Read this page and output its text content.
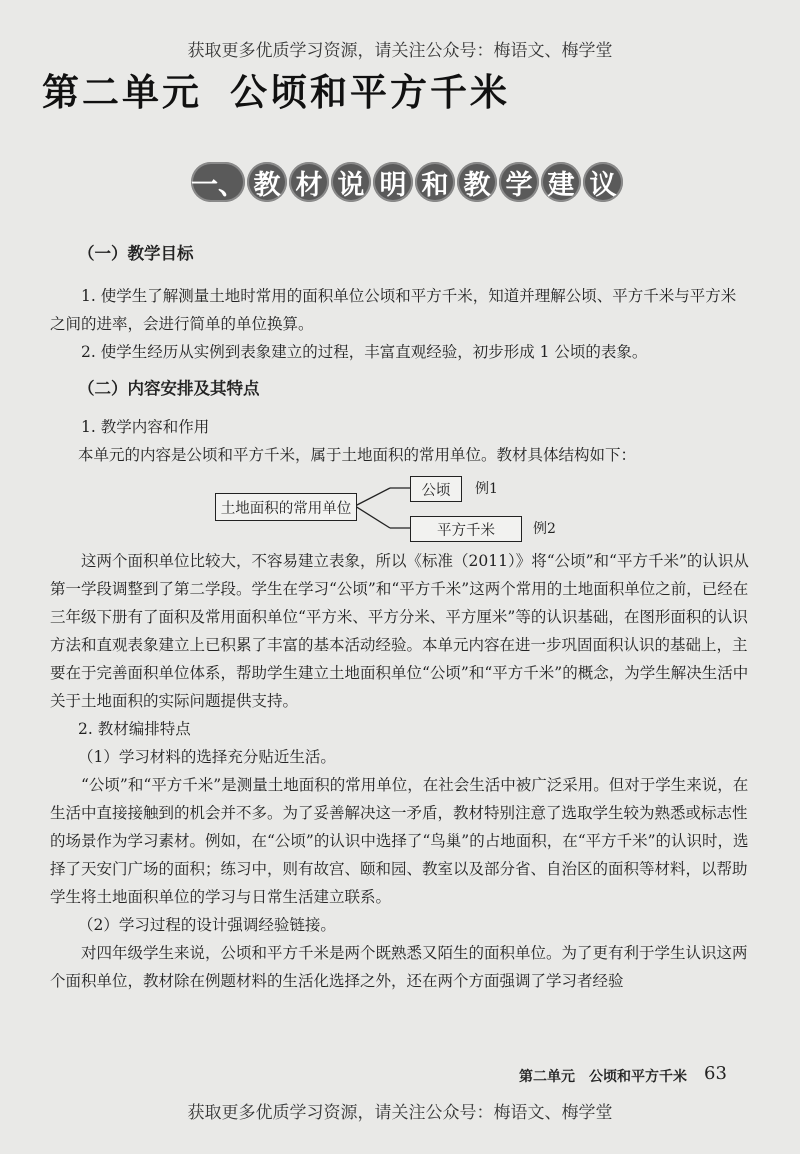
获取更多优质学习资源，请关注公众号：梅语文、梅学堂
第二单元 公顷和平方千米
一、 教 材 说 明 和 教 学 建 议
（一）教学目标

1. 使学生了解测量土地时常用的面积单位公顷和平方千米，知道并理解公顷、平方千米与平方米之间的进率，会进行简单的单位换算。

2. 使学生经历从实例到表象建立的过程，丰富直观经验，初步形成 1 公顷的表象。

（二）内容安排及其特点

1. 教学内容和作用

本单元的内容是公顷和平方千米，属于土地面积的常用单位。教材具体结构如下：

土地面积的常用单位
公顷	例1
平方千米	例2

这两个面积单位比较大，不容易建立表象，所以《标准（2011）》将“公顷”和“平方千米”的认识从第一学段调整到了第二学段。学生在学习“公顷”和“平方千米”这两个常用的土地面积单位之前，已经在三年级下册有了面积及常用面积单位“平方米、平方分米、平方厘米”等的认识基础，在图形面积的认识方法和直观表象建立上已积累了丰富的基本活动经验。本单元内容在进一步巩固面积认识的基础上，主要在于完善面积单位体系，帮助学生建立土地面积单位“公顷”和“平方千米”的概念，为学生解决生活中关于土地面积的实际问题提供支持。

2. 教材编排特点

（1）学习材料的选择充分贴近生活。

“公顷”和“平方千米”是测量土地面积的常用单位，在社会生活中被广泛采用。但对于学生来说，在生活中直接接触到的机会并不多。为了妥善解决这一矛盾，教材特别注意了选取学生较为熟悉或标志性的场景作为学习素材。例如，在“公顷”的认识中选择了“鸟巢”的占地面积，在“平方千米”的认识时，选择了天安门广场的面积；练习中，则有故宫、颐和园、教室以及部分省、自治区的面积等材料，以帮助学生将土地面积单位的学习与日常生活建立联系。

（2）学习过程的设计强调经验链接。

对四年级学生来说，公顷和平方千米是两个既熟悉又陌生的面积单位。为了更有利于学生认识这两个面积单位，教材除在例题材料的生活化选择之外，还在两个方面强调了学习者经验

第二单元　公顷和平方千米 63
获取更多优质学习资源，请关注公众号：梅语文、梅学堂
